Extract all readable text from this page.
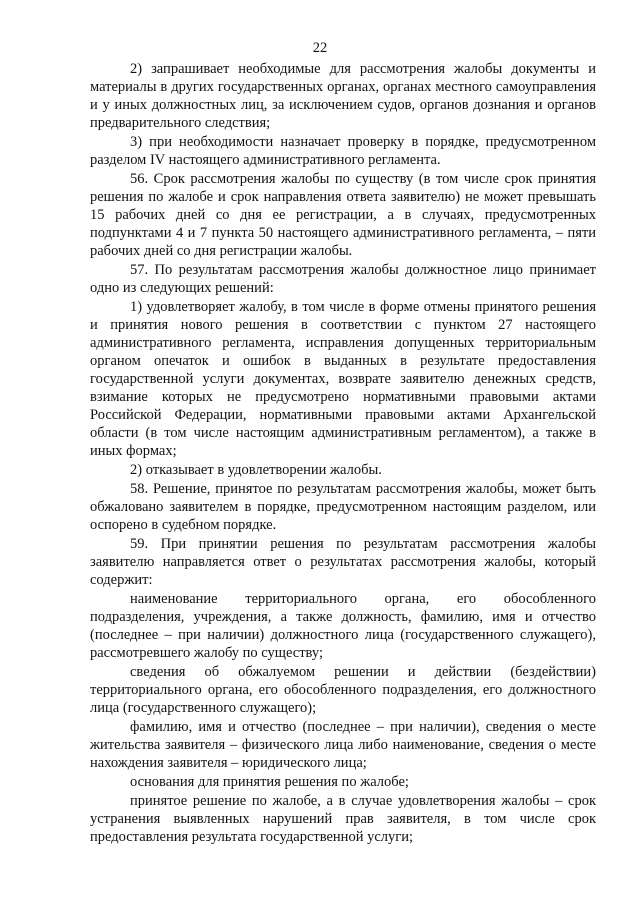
22

2) запрашивает необходимые для рассмотрения жалобы документы и материалы в других государственных органах, органах местного самоуправления и у иных должностных лиц, за исключением судов, органов дознания и органов предварительного следствия;

3) при необходимости назначает проверку в порядке, предусмотренном разделом IV настоящего административного регламента.

56. Срок рассмотрения жалобы по существу (в том числе срок принятия решения по жалобе и срок направления ответа заявителю) не может превышать 15 рабочих дней со дня ее регистрации, а в случаях, предусмотренных подпунктами 4 и 7 пункта 50 настоящего административного регламента, – пяти рабочих дней со дня регистрации жалобы.

57. По результатам рассмотрения жалобы должностное лицо принимает одно из следующих решений:

1) удовлетворяет жалобу, в том числе в форме отмены принятого решения и принятия нового решения в соответствии с пунктом 27 настоящего административного регламента, исправления допущенных территориальным органом опечаток и ошибок в выданных в результате предоставления государственной услуги документах, возврате заявителю денежных средств, взимание которых не предусмотрено нормативными правовыми актами Российской Федерации, нормативными правовыми актами Архангельской области (в том числе настоящим административным регламентом), а также в иных формах;

2) отказывает в удовлетворении жалобы.

58. Решение, принятое по результатам рассмотрения жалобы, может быть обжаловано заявителем в порядке, предусмотренном настоящим разделом, или оспорено в судебном порядке.

59. При принятии решения по результатам рассмотрения жалобы заявителю направляется ответ о результатах рассмотрения жалобы, который содержит:

наименование территориального органа, его обособленного подразделения, учреждения, а также должность, фамилию, имя и отчество (последнее – при наличии) должностного лица (государственного служащего), рассмотревшего жалобу по существу;

сведения об обжалуемом решении и действии (бездействии) территориального органа, его обособленного подразделения, его должностного лица (государственного служащего);

фамилию, имя и отчество (последнее – при наличии), сведения о месте жительства заявителя – физического лица либо наименование, сведения о месте нахождения заявителя – юридического лица;

основания для принятия решения по жалобе;

принятое решение по жалобе, а в случае удовлетворения жалобы – срок устранения выявленных нарушений прав заявителя, в том числе срок предоставления результата государственной услуги;
